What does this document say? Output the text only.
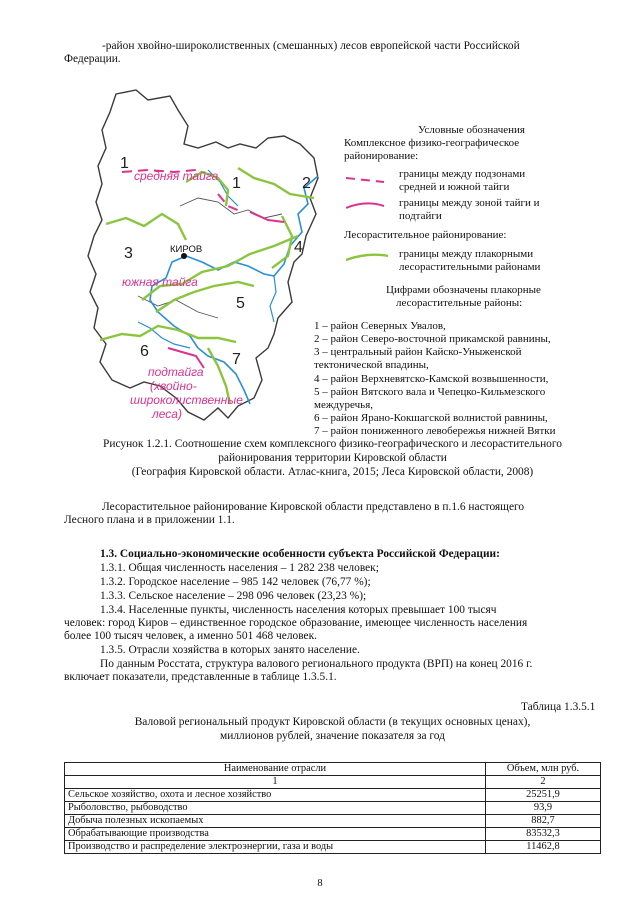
-район хвойно-широколиственных (смешанных) лесов европейской части Российской
Федерации.
1
1	2
3	4
5
6	7
средняя тайга
КИРОВ
южная тайга
подтайга
(хвойно-
широколиственные
леса)
Условные обозначения
Комплексное физико-географическое
районирование:
границы между подзонами
средней и южной тайги
границы между зоной тайги и
подтайги
Лесорастительное районирование:
границы между плакорными
лесорастительными районами
Цифрами обозначены плакорные
лесорастительные районы:
1 – район Северных Увалов,
2 – район Северо-восточной прикамской равнины,
3 – центральный район Кайско-Уныженской
тектонической впадины,
4 – район Верхневятско-Камской возвышенности,
5 – район Вятского вала и Чепецко-Кильмезского
междуречья,
6 – район Ярано-Кокшагской волнистой равнины,
7 – район пониженного левобережья нижней Вятки
Рисунок 1.2.1. Соотношение схем комплексного физико-географического и лесорастительного
районирования территории Кировской области
(География Кировской области. Атлас-книга, 2015; Леса Кировской области, 2008)
Лесорастительное районирование Кировской области представлено в п.1.6 настоящего
Лесного плана и в приложении 1.1.
1.3. Социально-экономические особенности субъекта Российской Федерации:
1.3.1. Общая численность населения – 1 282 238 человек;
1.3.2. Городское население – 985 142 человек (76,77 %);
1.3.3. Сельское население – 298 096 человек (23,23 %);
1.3.4. Населенные пункты, численность населения которых превышает 100 тысяч
человек: город Киров – единственное городское образование, имеющее численность населения
более 100 тысяч человек, а именно 501 468 человек.
1.3.5. Отрасли хозяйства в которых занято население.
По данным Росстата, структура валового регионального продукта (ВРП) на конец 2016 г.
включает показатели, представленные в таблице 1.3.5.1.
Таблица 1.3.5.1
Валовой региональный продукт Кировской области (в текущих основных ценах),
миллионов рублей, значение показателя за год
Наименование отрасли	Объем, млн руб.
1	2
Сельское хозяйство, охота и лесное хозяйство	25251,9
Рыболовство, рыбоводство	93,9
Добыча полезных ископаемых	882,7
Обрабатывающие производства	83532,3
Производство и распределение электроэнергии, газа и воды	11462,8
8
